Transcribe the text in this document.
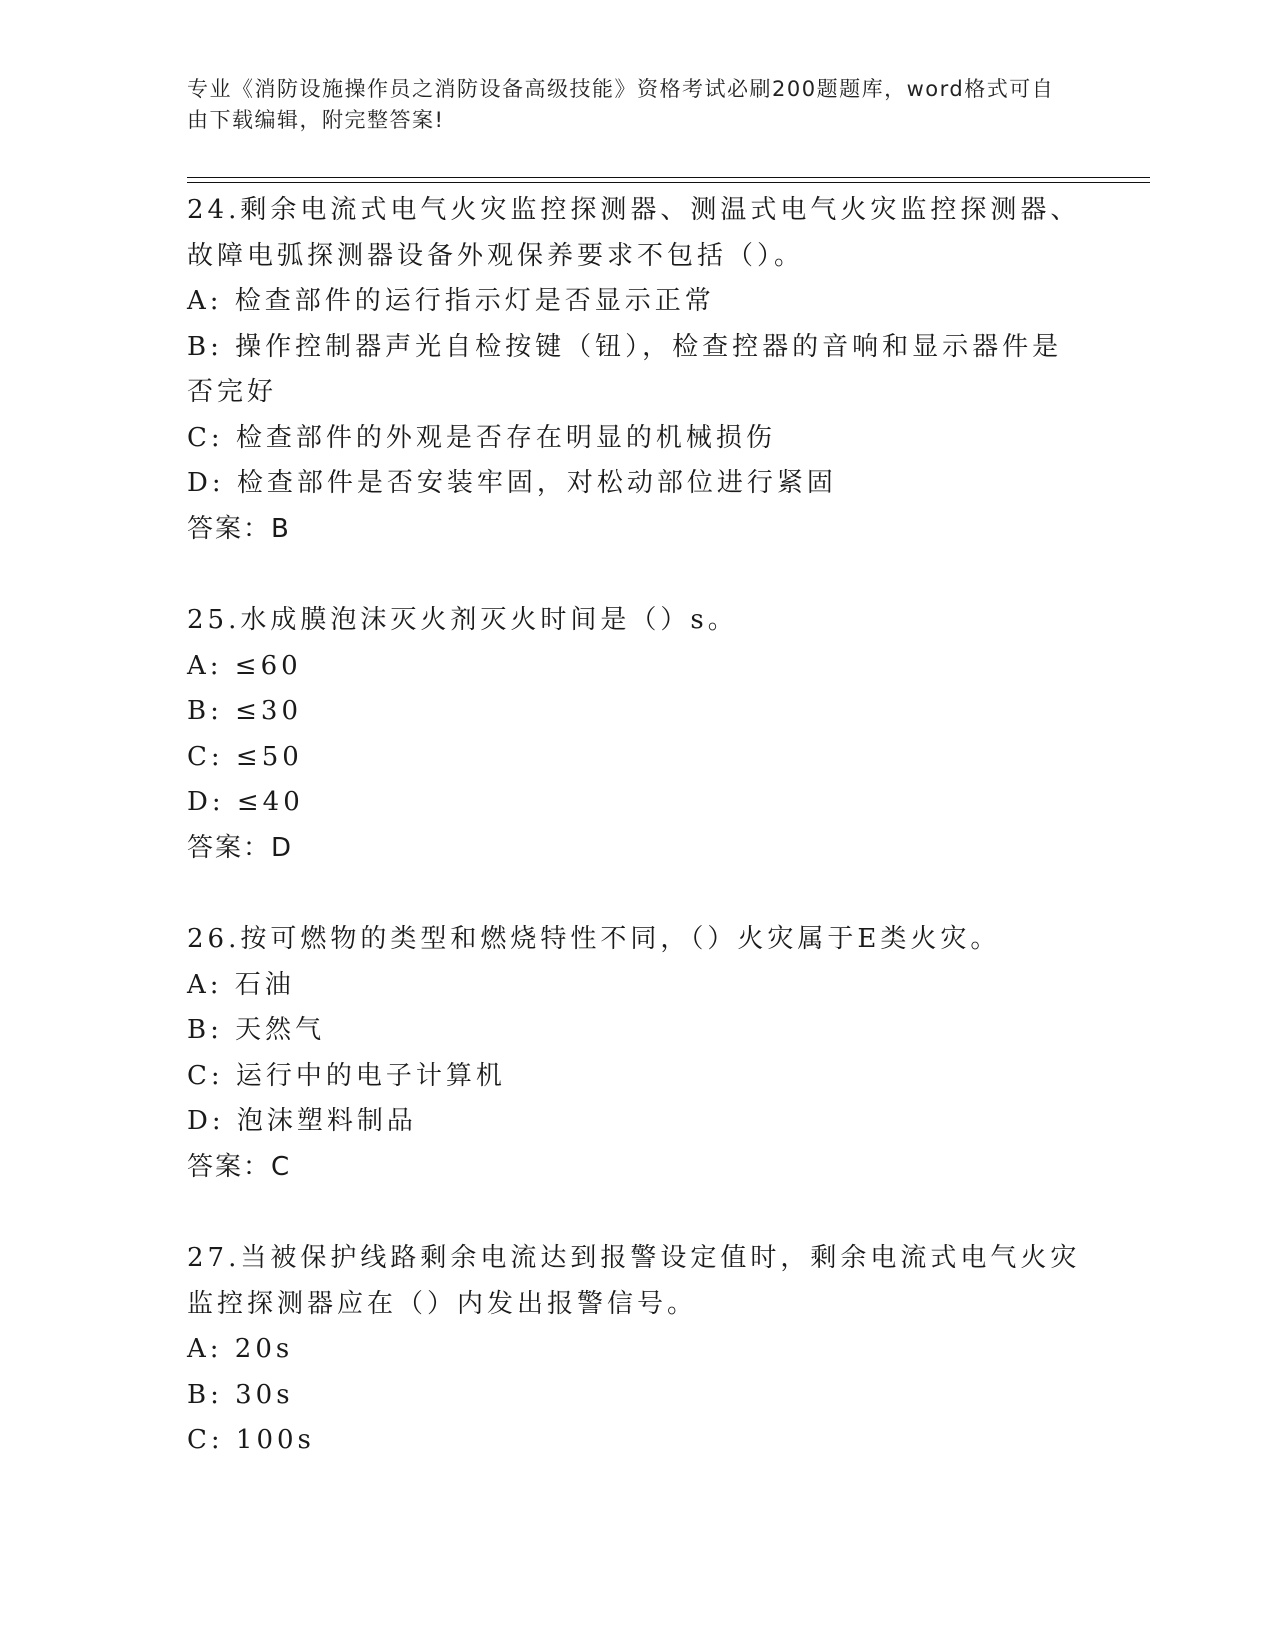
专业《消防设施操作员之消防设备高级技能》资格考试必刷200题题库，word格式可自由下载编辑，附完整答案!

24.剩余电流式电气火灾监控探测器、测温式电气火灾监控探测器、故障电弧探测器设备外观保养要求不包括（）。

A: 检查部件的运行指示灯是否显示正常

B: 操作控制器声光自检按键（钮），检查控器的音响和显示器件是否完好

C: 检查部件的外观是否存在明显的机械损伤

D: 检查部件是否安装牢固，对松动部位进行紧固

答案：B

25.水成膜泡沫灭火剂灭火时间是（）s。

A: ≤60

B: ≤30

C: ≤50

D: ≤40

答案：D

26.按可燃物的类型和燃烧特性不同，（）火灾属于E类火灾。

A: 石油

B: 天然气

C: 运行中的电子计算机

D: 泡沫塑料制品

答案：C

27.当被保护线路剩余电流达到报警设定值时，剩余电流式电气火灾监控探测器应在（）内发出报警信号。

A: 20s

B: 30s

C: 100s
